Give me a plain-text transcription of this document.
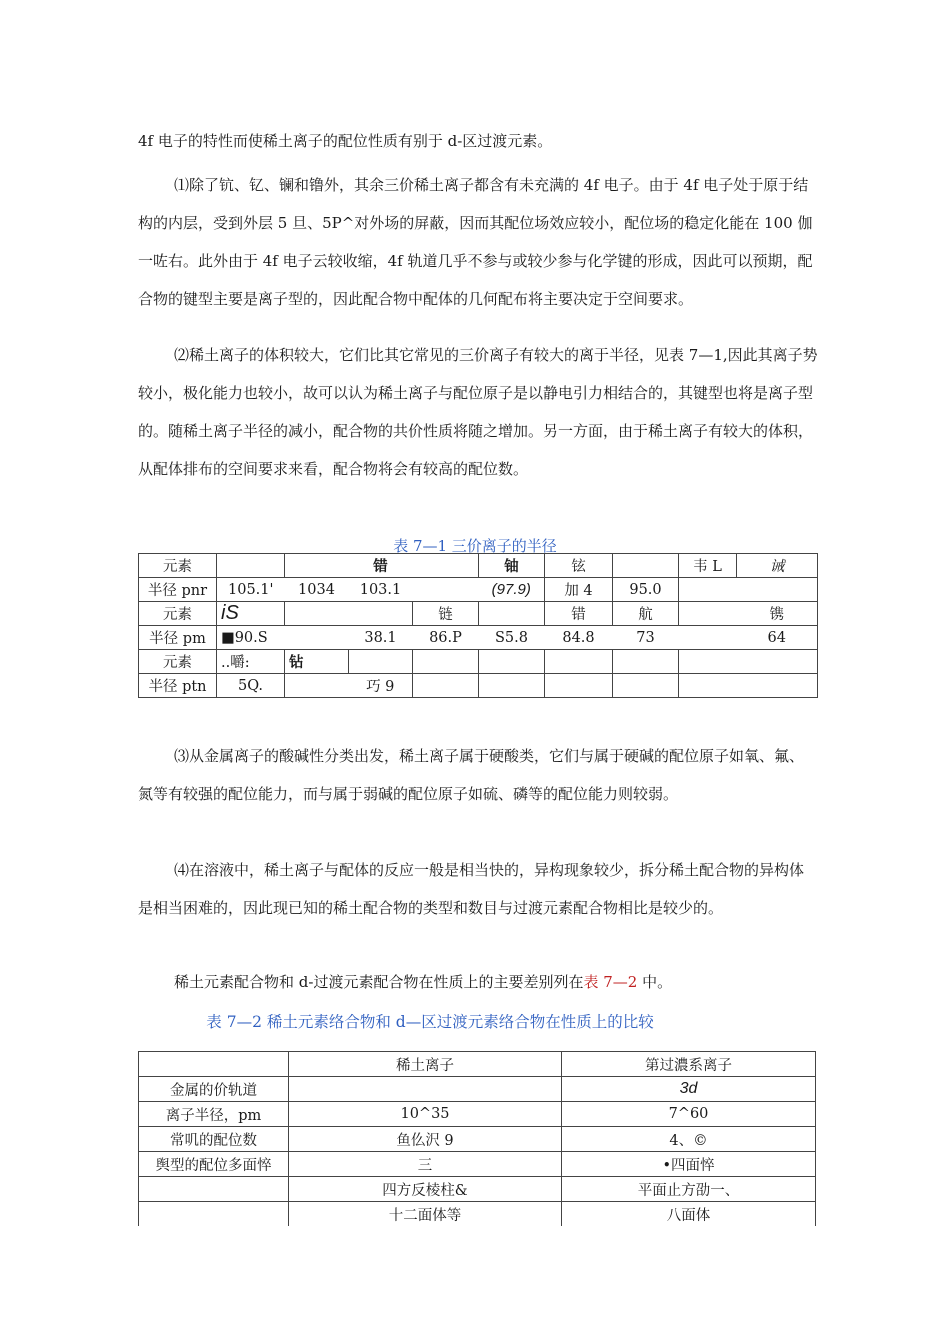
4f 电子的特性而使稀土离子的配位性质有别于 d-区过渡元素。

⑴除了钪、钇、镧和镥外，其余三价稀土离子都含有未充满的 4f 电子。由于 4f 电子处于原于结构的内层，受到外层 5 旦、5P^对外场的屏蔽，因而其配位场效应较小，配位场的稳定化能在 100 伽一咗右。此外由于 4f 电子云较收缩，4f 轨道几乎不参与或较少参与化学键的形成，因此可以预期，配合物的键型主要是离子型的，因此配合物中配体的几何配布将主要决定于空间要求。

⑵稀土离子的体积较大，它们比其它常见的三价离子有较大的离于半径，见表 7—1,因此其离子势较小，极化能力也较小，故可以认为稀土离子与配位原子是以静电引力相结合的，其键型也将是离子型的。随稀土离子半径的减小，配合物的共价性质将随之增加。另一方面，由于稀土离子有较大的体积，从配体排布的空间要求来看，配合物将会有较高的配位数。

表 7—1 三价离子的半径
元素			错		铀	铉		韦 L	诫
半径 pnr	105.1'	1034	103.1		(97.9)	加 4	95.0		
元素	iS			链		错	航		镌
半径 pm	■90.S		38.1	86.P	S5.8	84.8	73		64
元素	..嚼:	钻							
半径 ptn	5Q.		巧 9						

⑶从金属离子的酸碱性分类出发，稀土离子属于硬酸类，它们与属于硬碱的配位原子如氧、氟、氮等有较强的配位能力，而与属于弱碱的配位原子如硫、磷等的配位能力则较弱。

⑷在溶液中，稀土离子与配体的反应一般是相当快的，异构现象较少，拆分稀土配合物的异构体是相当困难的，因此现已知的稀土配合物的类型和数目与过渡元素配合物相比是较少的。

稀土元素配合物和 d-过渡元素配合物在性质上的主要差别列在表 7—2 中。

表 7—2 稀土元素络合物和 d—区过渡元素络合物在性质上的比较
	稀土离子	第过濃系离子
金属的价轨道		3d
离子半径，pm	10^35	7^60
常叽的配位数	鱼仫沢 9	4、©
舆型的配位多面悴	三	•四面悴
	四方反棱柱&	平面止方劭一、
	十二面体等	八面体
